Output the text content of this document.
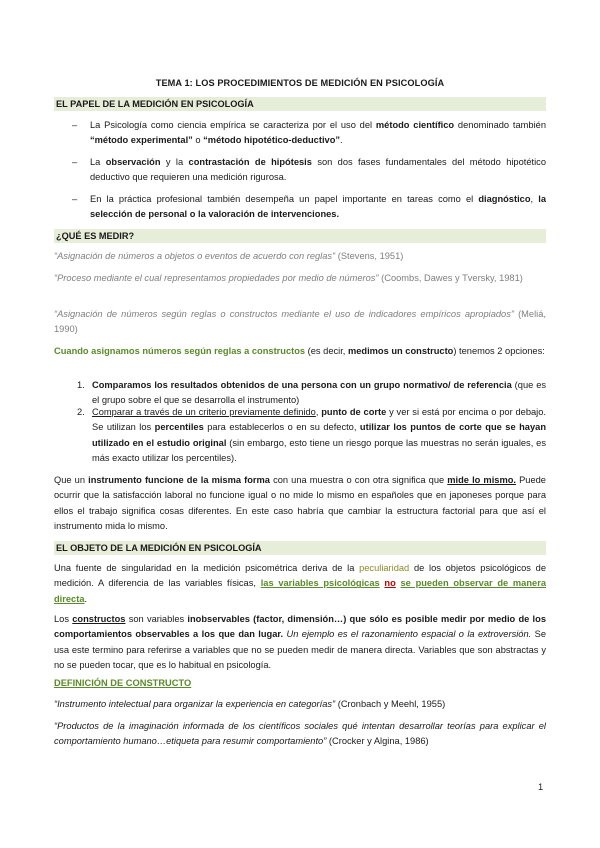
TEMA 1: LOS PROCEDIMIENTOS DE MEDICIÓN EN PSICOLOGÍA
EL PAPEL DE LA MEDICIÓN EN PSICOLOGÍA
– La Psicología como ciencia empírica se caracteriza por el uso del método científico denominado también “método experimental” o “método hipotético-deductivo”.
– La observación y la contrastación de hipótesis son dos fases fundamentales del método hipotético deductivo que requieren una medición rigurosa.
– En la práctica profesional también desempeña un papel importante en tareas como el diagnóstico, la selección de personal o la valoración de intervenciones.
¿QUÉ ES MEDIR?
“Asignación de números a objetos o eventos de acuerdo con reglas” (Stevens, 1951)
“Proceso mediante el cual representamos propiedades por medio de números” (Coombs, Dawes y Tversky, 1981)
“Asignación de números según reglas o constructos mediante el uso de indicadores empíricos apropiados” (Meliá, 1990)
Cuando asignamos números según reglas a constructos (es decir, medimos un constructo) tenemos 2 opciones:
1. Comparamos los resultados obtenidos de una persona con un grupo normativo/ de referencia (que es el grupo sobre el que se desarrolla el instrumento)
2. Comparar a través de un criterio previamente definido, punto de corte y ver si está por encima o por debajo. Se utilizan los percentiles para establecerlos o en su defecto, utilizar los puntos de corte que se hayan utilizado en el estudio original (sin embargo, esto tiene un riesgo porque las muestras no serán iguales, es más exacto utilizar los percentiles).
Que un instrumento funcione de la misma forma con una muestra o con otra significa que mide lo mismo. Puede ocurrir que la satisfacción laboral no funcione igual o no mide lo mismo en españoles que en japoneses porque para ellos el trabajo significa cosas diferentes. En este caso habría que cambiar la estructura factorial para que así el instrumento mida lo mismo.
EL OBJETO DE LA MEDICIÓN EN PSICOLOGÍA
Una fuente de singularidad en la medición psicométrica deriva de la peculiaridad de los objetos psicológicos de medición. A diferencia de las variables físicas, las variables psicológicas no se pueden observar de manera directa.
Los constructos son variables inobservables (factor, dimensión…) que sólo es posible medir por medio de los comportamientos observables a los que dan lugar. Un ejemplo es el razonamiento espacial o la extroversión. Se usa este termino para referirse a variables que no se pueden medir de manera directa. Variables que son abstractas y no se pueden tocar, que es lo habitual en psicología.
DEFINICIÓN DE CONSTRUCTO
“Instrumento intelectual para organizar la experiencia en categorías” (Cronbach y Meehl, 1955)
“Productos de la imaginación informada de los científicos sociales qué intentan desarrollar teorías para explicar el comportamiento humano…etiqueta para resumir comportamiento” (Crocker y Algina, 1986)
1
